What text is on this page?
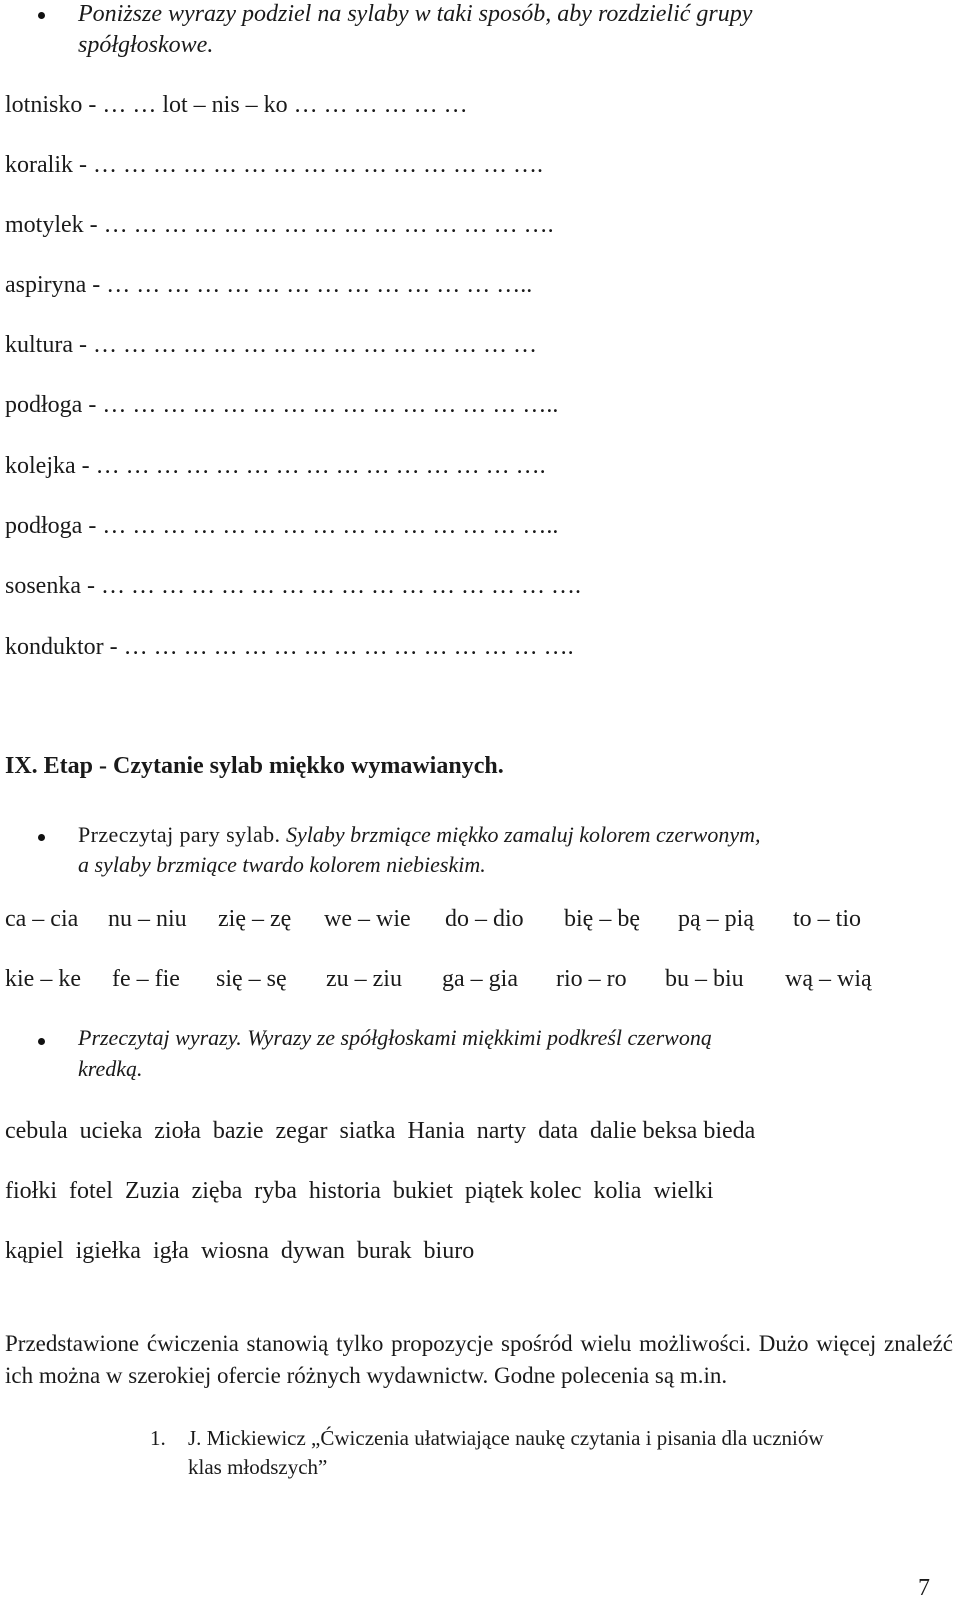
Poniższe wyrazy podziel na sylaby w taki sposób, aby rozdzielić grupy
spółgłoskowe.
lotnisko - … … lot – nis – ko … … … … … …
koralik - … … … … … … … … … … … … … … ….
motylek - … … … … … … … … … … … … … … ….
aspiryna - … … … … … … … … … … … … … …..
kultura - … … … … … … … … … … … … … … …
podłoga - … … … … … … … … … … … … … … …..
kolejka - … … … … … … … … … … … … … … ….
podłoga - … … … … … … … … … … … … … … …..
sosenka - … … … … … … … … … … … … … … … ….
konduktor - … … … … … … … … … … … … … … ….
IX. Etap - Czytanie sylab miękko wymawianych.
Przeczytaj pary sylab. Sylaby brzmiące miękko zamaluj kolorem czerwonym,
a sylaby brzmiące twardo kolorem niebieskim.
ca – cia nu – niu zię – zę we – wie do – dio bię – bę pą – pią to – tio
kie – ke fe – fie się – sę zu – ziu ga – gia rio – ro bu – biu wą – wią
Przeczytaj wyrazy. Wyrazy ze spółgłoskami miękkimi podkreśl czerwoną
kredką.
cebula  ucieka  zioła  bazie  zegar  siatka  Hania  narty  data  dalie beksa bieda
fiołki  fotel  Zuzia  zięba  ryba  historia  bukiet  piątek kolec  kolia  wielki
kąpiel  igiełka  igła  wiosna  dywan  burak  biuro
Przedstawione ćwiczenia stanowią tylko propozycje spośród wielu możliwości. Dużo więcej znaleźć ich można w szerokiej ofercie różnych wydawnictw. Godne polecenia są m.in.
1. J. Mickiewicz „Ćwiczenia ułatwiające naukę czytania i pisania dla uczniów
klas młodszych”
7
